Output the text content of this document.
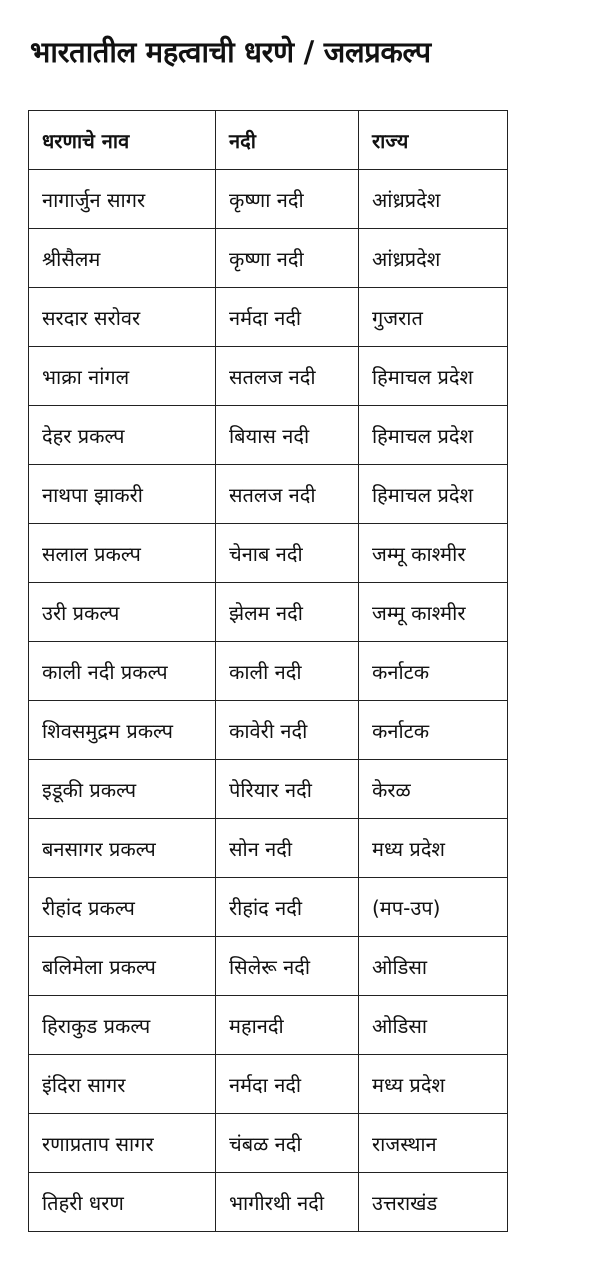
भारतातील महत्वाची धरणे / जलप्रकल्प
धरणाचे नाव	नदी	राज्य
नागार्जुन सागर	कृष्णा नदी	आंध्रप्रदेश
श्रीसैलम	कृष्णा नदी	आंध्रप्रदेश
सरदार सरोवर	नर्मदा नदी	गुजरात
भाक्रा नांगल	सतलज नदी	हिमाचल प्रदेश
देहर प्रकल्प	बियास नदी	हिमाचल प्रदेश
नाथपा झाकरी	सतलज नदी	हिमाचल प्रदेश
सलाल प्रकल्प	चेनाब नदी	जम्मू काश्मीर
उरी प्रकल्प	झेलम नदी	जम्मू काश्मीर
काली नदी प्रकल्प	काली नदी	कर्नाटक
शिवसमुद्रम प्रकल्प	कावेरी नदी	कर्नाटक
इडूकी प्रकल्प	पेरियार नदी	केरळ
बनसागर प्रकल्प	सोन नदी	मध्य प्रदेश
रीहांद प्रकल्प	रीहांद नदी	(मप-उप)
बलिमेला प्रकल्प	सिलेरू नदी	ओडिसा
हिराकुड प्रकल्प	महानदी	ओडिसा
इंदिरा सागर	नर्मदा नदी	मध्य प्रदेश
रणाप्रताप सागर	चंबळ नदी	राजस्थान
तिहरी धरण	भागीरथी नदी	उत्तराखंड
